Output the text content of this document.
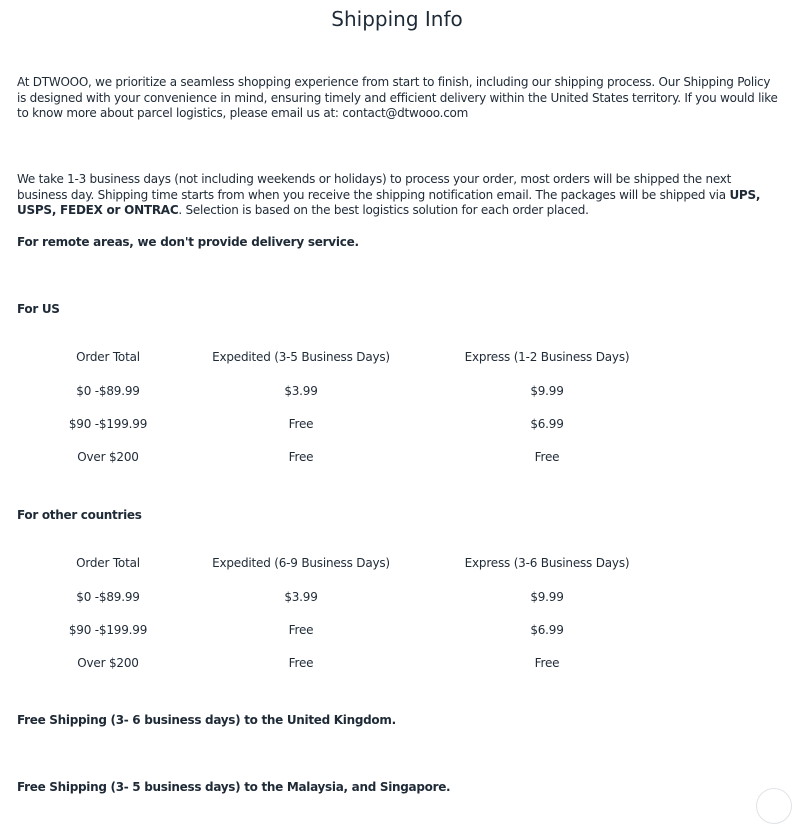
Shipping Info
At DTWOOO, we prioritize a seamless shopping experience from start to finish, including our shipping process. Our Shipping Policy is designed with your convenience in mind, ensuring timely and efficient delivery within the United States territory. If you would like to know more about parcel logistics, please email us at: contact@dtwooo.com
We take 1-3 business days (not including weekends or holidays) to process your order, most orders will be shipped the next business day. Shipping time starts from when you receive the shipping notification email. The packages will be shipped via UPS, USPS, FEDEX or ONTRAC. Selection is based on the best logistics solution for each order placed.
For remote areas, we don't provide delivery service.
For US
Order Total	Expedited (3-5 Business Days)	Express (1-2 Business Days)
$0 -$89.99	$3.99	$9.99
$90 -$199.99	Free	$6.99
Over $200	Free	Free
For other countries
Order Total	Expedited (6-9 Business Days)	Express (3-6 Business Days)
$0 -$89.99	$3.99	$9.99
$90 -$199.99	Free	$6.99
Over $200	Free	Free
Free Shipping (3- 6 business days) to the United Kingdom.
Free Shipping (3- 5 business days) to the Malaysia, and Singapore.
